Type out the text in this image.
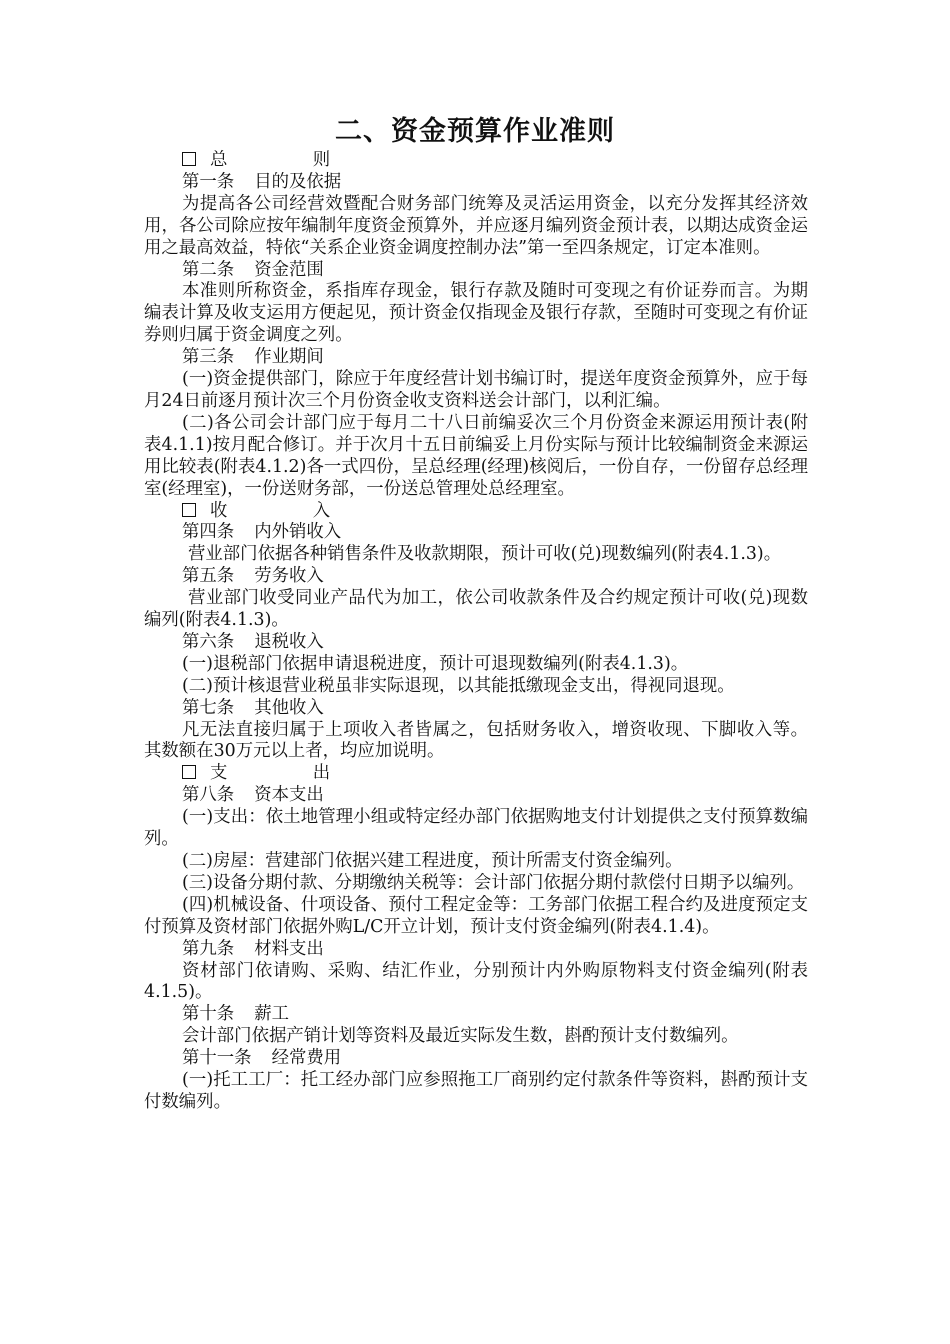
二、资金预算作业准则

总　则

第一条 目的及依据

为提高各公司经营效暨配合财务部门统筹及灵活运用资金，以充分发挥其经济效用，各公司除应按年编制年度资金预算外，并应逐月编列资金预计表，以期达成资金运用之最高效益，特依“关系企业资金调度控制办法”第一至四条规定，订定本准则。

第二条 资金范围

本准则所称资金，系指库存现金，银行存款及随时可变现之有价证券而言。为期编表计算及收支运用方便起见，预计资金仅指现金及银行存款，至随时可变现之有价证券则归属于资金调度之列。

第三条 作业期间

(一)资金提供部门，除应于年度经营计划书编订时，提送年度资金预算外，应于每月24日前逐月预计次三个月份资金收支资料送会计部门，以利汇编。

(二)各公司会计部门应于每月二十八日前编妥次三个月份资金来源运用预计表(附表4.1.1)按月配合修订。并于次月十五日前编妥上月份实际与预计比较编制资金来源运用比较表(附表4.1.2)各一式四份，呈总经理(经理)核阅后，一份自存，一份留存总经理室(经理室)，一份送财务部，一份送总管理处总经理室。

收　入

第四条 内外销收入

营业部门依据各种销售条件及收款期限，预计可收(兑)现数编列(附表4.1.3)。

第五条 劳务收入

营业部门收受同业产品代为加工，依公司收款条件及合约规定预计可收(兑)现数编列(附表4.1.3)。

第六条 退税收入

(一)退税部门依据申请退税进度，预计可退现数编列(附表4.1.3)。

(二)预计核退营业税虽非实际退现，以其能抵缴现金支出，得视同退现。

第七条 其他收入

凡无法直接归属于上项收入者皆属之，包括财务收入，增资收现、下脚收入等。其数额在30万元以上者，均应加说明。

支　出

第八条 资本支出

(一)支出：依土地管理小组或特定经办部门依据购地支付计划提供之支付预算数编列。

(二)房屋：营建部门依据兴建工程进度，预计所需支付资金编列。

(三)设备分期付款、分期缴纳关税等：会计部门依据分期付款偿付日期予以编列。

(四)机械设备、什项设备、预付工程定金等：工务部门依据工程合约及进度预定支付预算及资材部门依据外购L/C开立计划，预计支付资金编列(附表4.1.4)。

第九条 材料支出

资材部门依请购、采购、结汇作业，分别预计内外购原物料支付资金编列(附表4.1.5)。

第十条 薪工

会计部门依据产销计划等资料及最近实际发生数，斟酌预计支付数编列。

第十一条 经常费用

(一)托工工厂：托工经办部门应参照拖工厂商别约定付款条件等资料，斟酌预计支付数编列。
